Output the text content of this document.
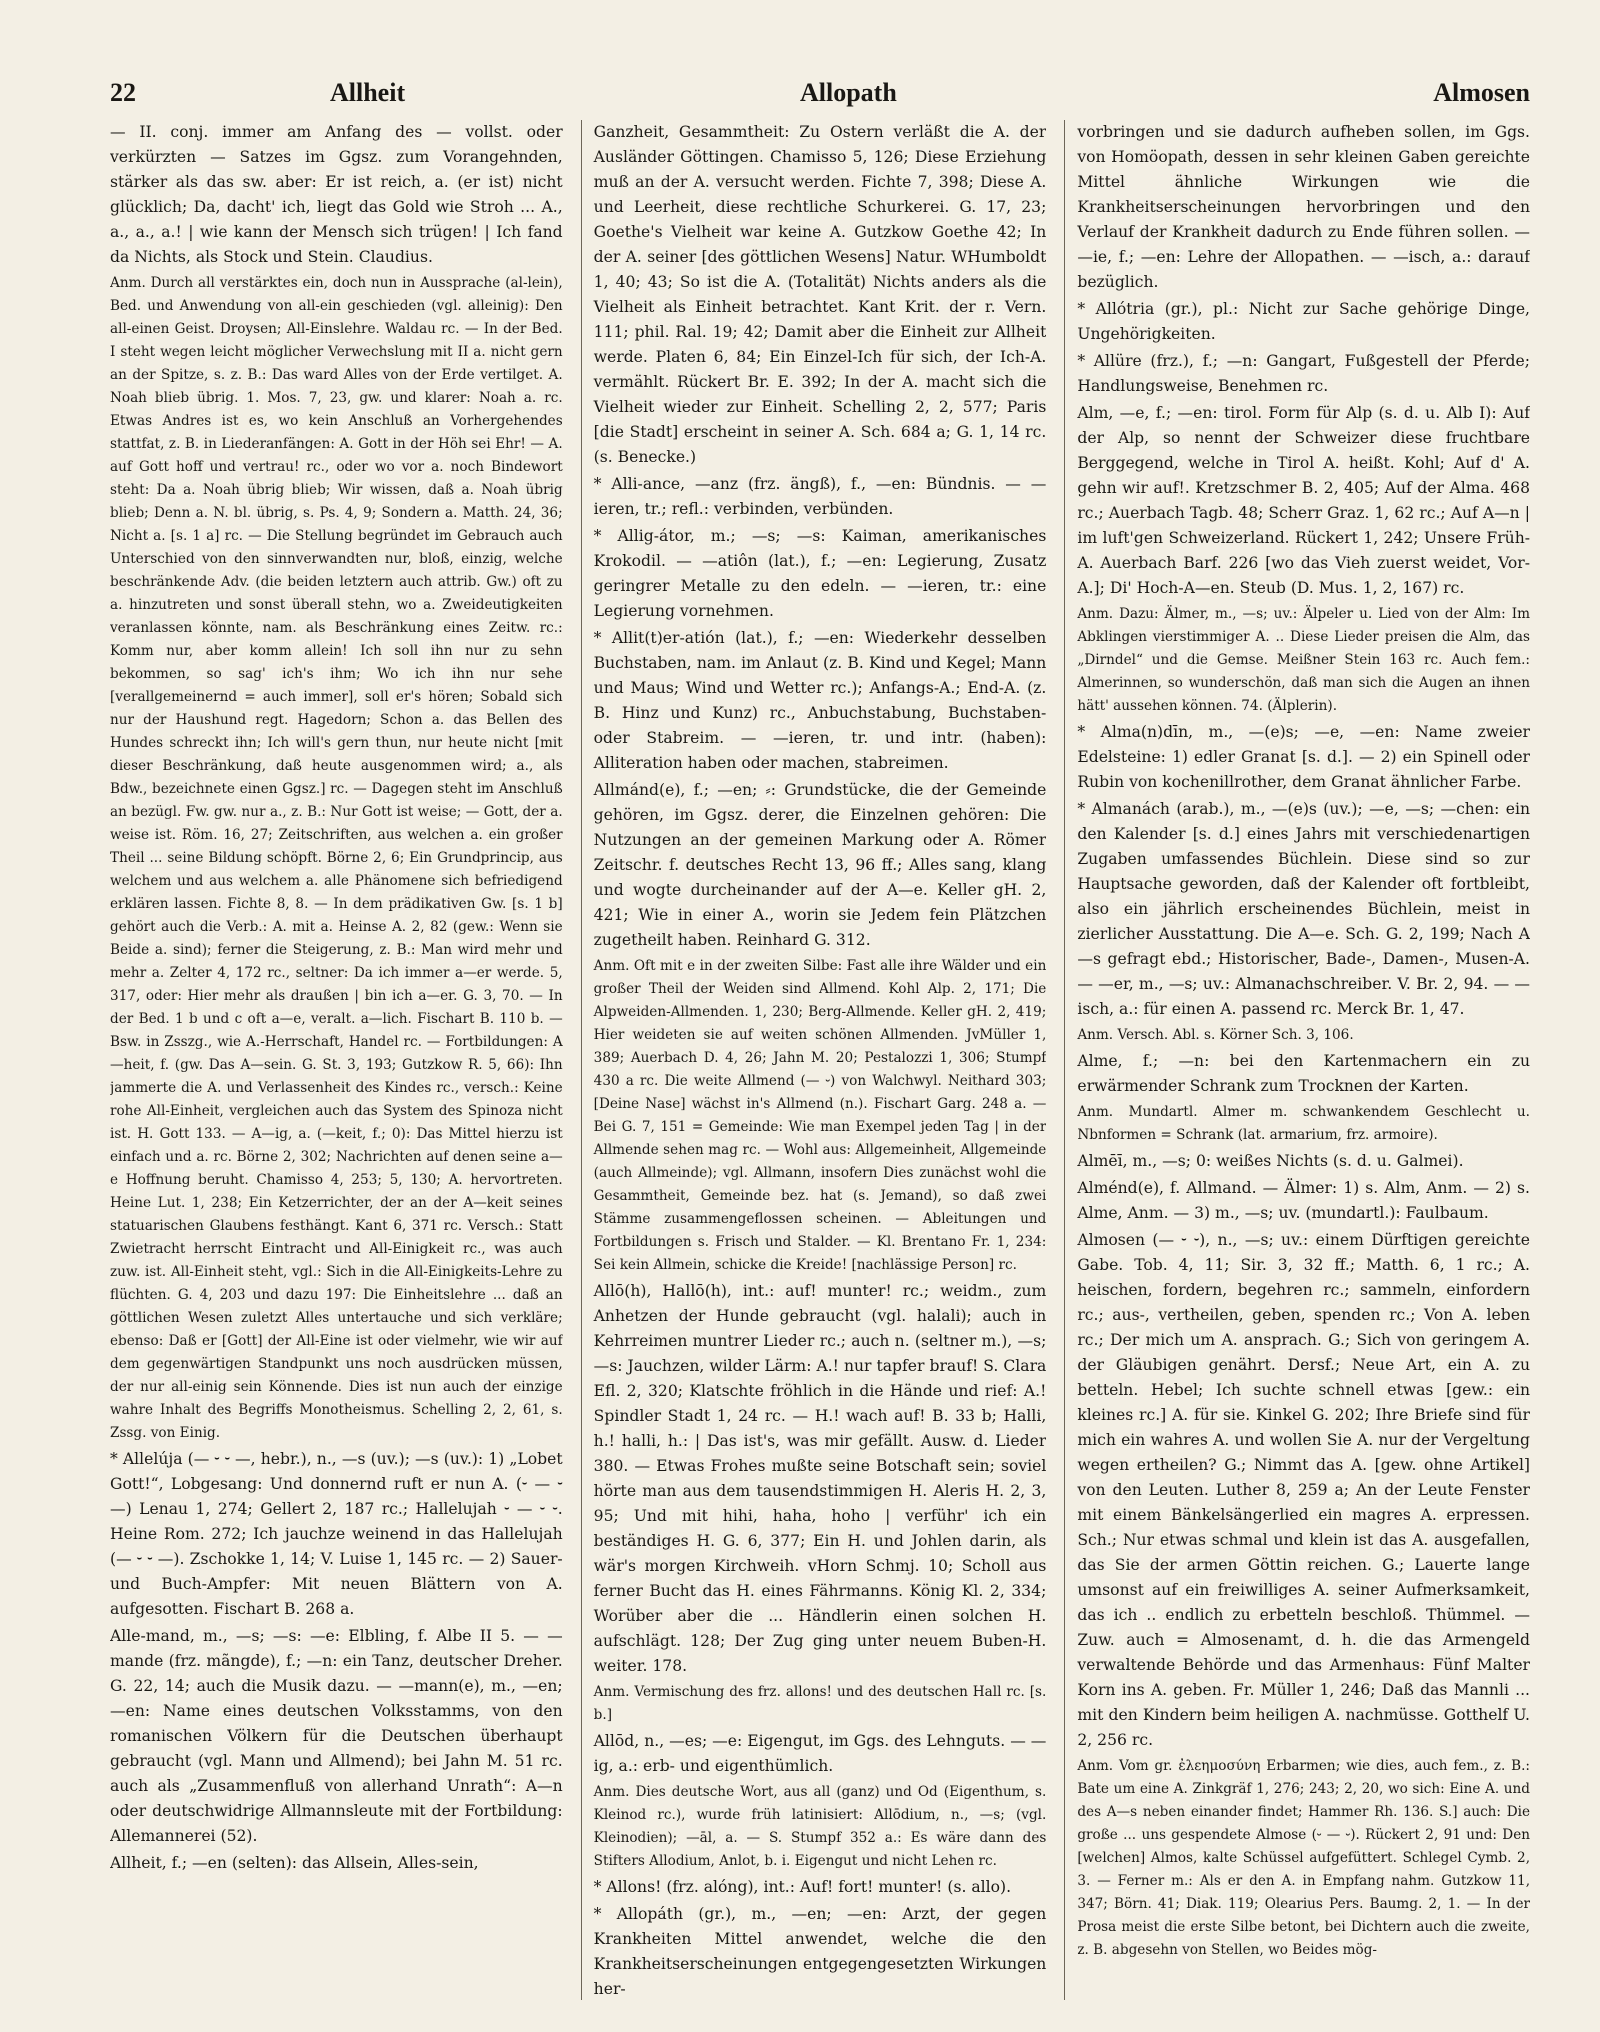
22	Allheit	Allopath	Almosen

— II. conj. immer am Anfang des — vollst. oder verkürzten — Satzes im Ggsz. zum Vorangehnden, stärker als das sw. aber: Er ist reich, a. (er ist) nicht glücklich; Da, dacht' ich, liegt das Gold wie Stroh ... A., a., a., a.! | wie kann der Mensch sich trügen! | Ich fand da Nichts, als Stock und Stein. Claudius.

Anm. Durch all verstärktes ein, doch nun in Aussprache (al-lein), Bed. und Anwendung von all-ein geschieden (vgl. alleinig): Den all-einen Geist. Droysen; All-Einslehre. Waldau rc. — In der Bed. I steht wegen leicht möglicher Verwechslung mit II a. nicht gern an der Spitze, s. z. B.: Das ward Alles von der Erde vertilget. A. Noah blieb übrig. 1. Mos. 7, 23, gw. und klarer: Noah a. rc. Etwas Andres ist es, wo kein Anschluß an Vorhergehendes stattfat, z. B. in Liederanfängen: A. Gott in der Höh sei Ehr! — A. auf Gott hoff und vertrau! rc., oder wo vor a. noch Bindewort steht: Da a. Noah übrig blieb; Wir wissen, daß a. Noah übrig blieb; Denn a. N. bl. übrig, s. Ps. 4, 9; Sondern a. Matth. 24, 36; Nicht a. [s. 1 a] rc. — Die Stellung begründet im Gebrauch auch Unterschied von den sinnverwandten nur, bloß, einzig, welche beschränkende Adv. (die beiden letztern auch attrib. Gw.) oft zu a. hinzutreten und sonst überall stehn, wo a. Zweideutigkeiten veranlassen könnte, nam. als Beschränkung eines Zeitw. rc.: Komm nur, aber komm allein! Ich soll ihn nur zu sehn bekommen, so sag' ich's ihm; Wo ich ihn nur sehe [verallgemeinernd = auch immer], soll er's hören; Sobald sich nur der Haushund regt. Hagedorn; Schon a. das Bellen des Hundes schreckt ihn; Ich will's gern thun, nur heute nicht [mit dieser Beschränkung, daß heute ausgenommen wird; a., als Bdw., bezeichnete einen Ggsz.] rc. — Dagegen steht im Anschluß an bezügl. Fw. gw. nur a., z. B.: Nur Gott ist weise; — Gott, der a. weise ist. Röm. 16, 27; Zeitschriften, aus welchen a. ein großer Theil ... seine Bildung schöpft. Börne 2, 6; Ein Grundprincip, aus welchem und aus welchem a. alle Phänomene sich befriedigend erklären lassen. Fichte 8, 8. — In dem prädikativen Gw. [s. 1 b] gehört auch die Verb.: A. mit a. Heinse A. 2, 82 (gew.: Wenn sie Beide a. sind); ferner die Steigerung, z. B.: Man wird mehr und mehr a. Zelter 4, 172 rc., seltner: Da ich immer a—er werde. 5, 317, oder: Hier mehr als draußen | bin ich a—er. G. 3, 70. — In der Bed. 1 b und c oft a—e, veralt. a—lich. Fischart B. 110 b. — Bsw. in Zsszg., wie A.-Herrschaft, Handel rc. — Fortbildungen: A—heit, f. (gw. Das A—sein. G. St. 3, 193; Gutzkow R. 5, 66): Ihn jammerte die A. und Verlassenheit des Kindes rc., versch.: Keine rohe All-Einheit, vergleichen auch das System des Spinoza nicht ist. H. Gott 133. — A—ig, a. (—keit, f.; 0): Das Mittel hierzu ist einfach und a. rc. Börne 2, 302; Nachrichten auf denen seine a—e Hoffnung beruht. Chamisso 4, 253; 5, 130; A. hervortreten. Heine Lut. 1, 238; Ein Ketzerrichter, der an der A—keit seines statuarischen Glaubens festhängt. Kant 6, 371 rc. Versch.: Statt Zwietracht herrscht Eintracht und All-Einigkeit rc., was auch zuw. ist. All-Einheit steht, vgl.: Sich in die All-Einigkeits-Lehre zu flüchten. G. 4, 203 und dazu 197: Die Einheitslehre ... daß an göttlichen Wesen zuletzt Alles untertauche und sich verkläre; ebenso: Daß er [Gott] der All-Eine ist oder vielmehr, wie wir auf dem gegenwärtigen Standpunkt uns noch ausdrücken müssen, der nur all-einig sein Könnende. Dies ist nun auch der einzige wahre Inhalt des Begriffs Monotheismus. Schelling 2, 2, 61, s. Zssg. von Einig.

* Allelúja (— ⏑ ⏑ —, hebr.), n., —s (uv.); —s (uv.): 1) „Lobet Gott!“, Lobgesang: Und donnernd ruft er nun A. (⏑ — ⏑ —) Lenau 1, 274; Gellert 2, 187 rc.; Hallelujah ⏑ — ⏑ ⏑. Heine Rom. 272; Ich jauchze weinend in das Hallelujah (— ⏑ ⏑ —). Zschokke 1, 14; V. Luise 1, 145 rc. — 2) Sauer- und Buch-Ampfer: Mit neuen Blättern von A. aufgesotten. Fischart B. 268 a.

Alle-mand, m., —s; —s: —e: Elbling, f. Albe II 5. — —mande (frz. mãngde), f.; —n: ein Tanz, deutscher Dreher. G. 22, 14; auch die Musik dazu. — —mann(e), m., —en; —en: Name eines deutschen Volksstamms, von den romanischen Völkern für die Deutschen überhaupt gebraucht (vgl. Mann und Allmend); bei Jahn M. 51 rc. auch als „Zusammenfluß von allerhand Unrath“: A—n oder deutschwidrige Allmannsleute mit der Fortbildung: Allemannerei (52).

Allheit, f.; —en (selten): das Allsein, Alles-sein,

Ganzheit, Gesammtheit: Zu Ostern verläßt die A. der Ausländer Göttingen. Chamisso 5, 126; Diese Erziehung muß an der A. versucht werden. Fichte 7, 398; Diese A. und Leerheit, diese rechtliche Schurkerei. G. 17, 23; Goethe's Vielheit war keine A. Gutzkow Goethe 42; In der A. seiner [des göttlichen Wesens] Natur. WHumboldt 1, 40; 43; So ist die A. (Totalität) Nichts anders als die Vielheit als Einheit betrachtet. Kant Krit. der r. Vern. 111; phil. Ral. 19; 42; Damit aber die Einheit zur Allheit werde. Platen 6, 84; Ein Einzel-Ich für sich, der Ich-A. vermählt. Rückert Br. E. 392; In der A. macht sich die Vielheit wieder zur Einheit. Schelling 2, 2, 577; Paris [die Stadt] erscheint in seiner A. Sch. 684 a; G. 1, 14 rc. (s. Benecke.)

* Alli-ance, —anz (frz. ängß), f., —en: Bündnis. — —ieren, tr.; refl.: verbinden, verbünden.

* Allig-átor, m.; —s; —s: Kaiman, amerikanisches Krokodil. — —atiôn (lat.), f.; —en: Legierung, Zusatz geringrer Metalle zu den edeln. — —ieren, tr.: eine Legierung vornehmen.

* Allit(t)er-atión (lat.), f.; —en: Wiederkehr desselben Buchstaben, nam. im Anlaut (z. B. Kind und Kegel; Mann und Maus; Wind und Wetter rc.); Anfangs-A.; End-A. (z. B. Hinz und Kunz) rc., Anbuchstabung, Buchstaben- oder Stabreim. — —ieren, tr. und intr. (haben): Alliteration haben oder machen, stabreimen.

Allmánd(e), f.; —en; ⸗: Grundstücke, die der Gemeinde gehören, im Ggsz. derer, die Einzelnen gehören: Die Nutzungen an der gemeinen Markung oder A. Römer Zeitschr. f. deutsches Recht 13, 96 ff.; Alles sang, klang und wogte durcheinander auf der A—e. Keller gH. 2, 421; Wie in einer A., worin sie Jedem fein Plätzchen zugetheilt haben. Reinhard G. 312.

Anm. Oft mit e in der zweiten Silbe: Fast alle ihre Wälder und ein großer Theil der Weiden sind Allmend. Kohl Alp. 2, 171; Die Alpweiden-Allmenden. 1, 230; Berg-Allmende. Keller gH. 2, 419; Hier weideten sie auf weiten schönen Allmenden. JvMüller 1, 389; Auerbach D. 4, 26; Jahn M. 20; Pestalozzi 1, 306; Stumpf 430 a rc. Die weite Allmend (— ⏑) von Walchwyl. Neithard 303; [Deine Nase] wächst in's Allmend (n.). Fischart Garg. 248 a. — Bei G. 7, 151 = Gemeinde: Wie man Exempel jeden Tag | in der Allmende sehen mag rc. — Wohl aus: Allgemeinheit, Allgemeinde (auch Allmeinde); vgl. Allmann, insofern Dies zunächst wohl die Gesammtheit, Gemeinde bez. hat (s. Jemand), so daß zwei Stämme zusammengeflossen scheinen. — Ableitungen und Fortbildungen s. Frisch und Stalder. — Kl. Brentano Fr. 1, 234: Sei kein Allmein, schicke die Kreide! [nachlässige Person] rc.

Allō(h), Hallō(h), int.: auf! munter! rc.; weidm., zum Anhetzen der Hunde gebraucht (vgl. halali); auch in Kehrreimen muntrer Lieder rc.; auch n. (seltner m.), —s; —s: Jauchzen, wilder Lärm: A.! nur tapfer brauf! S. Clara Efl. 2, 320; Klatschte fröhlich in die Hände und rief: A.! Spindler Stadt 1, 24 rc. — H.! wach auf! B. 33 b; Halli, h.! halli, h.: | Das ist's, was mir gefällt. Ausw. d. Lieder 380. — Etwas Frohes mußte seine Botschaft sein; soviel hörte man aus dem tausendstimmigen H. Aleris H. 2, 3, 95; Und mit hihi, haha, hoho | verführ' ich ein beständiges H. G. 6, 377; Ein H. und Johlen darin, als wär's morgen Kirchweih. vHorn Schmj. 10; Scholl aus ferner Bucht das H. eines Fährmanns. König Kl. 2, 334; Worüber aber die ... Händlerin einen solchen H. aufschlägt. 128; Der Zug ging unter neuem Buben-H. weiter. 178.

Anm. Vermischung des frz. allons! und des deutschen Hall rc. [s. b.]

Allōd, n., —es; —e: Eigengut, im Ggs. des Lehnguts. — —ig, a.: erb- und eigenthümlich.

Anm. Dies deutsche Wort, aus all (ganz) und Od (Eigenthum, s. Kleinod rc.), wurde früh latinisiert: Allōdium, n., —s; (vgl. Kleinodien); —āl, a. — S. Stumpf 352 a.: Es wäre dann des Stifters Allodium, Anlot, b. i. Eigengut und nicht Lehen rc.

* Allons! (frz. alóng), int.: Auf! fort! munter! (s. allo).

* Allopáth (gr.), m., —en; —en: Arzt, der gegen Krankheiten Mittel anwendet, welche die den Krankheitserscheinungen entgegengesetzten Wirkungen her-

vorbringen und sie dadurch aufheben sollen, im Ggs. von Homöopath, dessen in sehr kleinen Gaben gereichte Mittel ähnliche Wirkungen wie die Krankheitserscheinungen hervorbringen und den Verlauf der Krankheit dadurch zu Ende führen sollen. — —ie, f.; —en: Lehre der Allopathen. — —isch, a.: darauf bezüglich.

* Allótria (gr.), pl.: Nicht zur Sache gehörige Dinge, Ungehörigkeiten.

* Allüre (frz.), f.; —n: Gangart, Fußgestell der Pferde; Handlungsweise, Benehmen rc.

Alm, —e, f.; —en: tirol. Form für Alp (s. d. u. Alb I): Auf der Alp, so nennt der Schweizer diese fruchtbare Berggegend, welche in Tirol A. heißt. Kohl; Auf d' A. gehn wir auf!. Kretzschmer B. 2, 405; Auf der Alma. 468 rc.; Auerbach Tagb. 48; Scherr Graz. 1, 62 rc.; Auf A—n | im luft'gen Schweizerland. Rückert 1, 242; Unsere Früh-A. Auerbach Barf. 226 [wo das Vieh zuerst weidet, Vor-A.]; Di' Hoch-A—en. Steub (D. Mus. 1, 2, 167) rc.

Anm. Dazu: Älmer, m., —s; uv.: Älpeler u. Lied von der Alm: Im Abklingen vierstimmiger A. .. Diese Lieder preisen die Alm, das „Dirndel“ und die Gemse. Meißner Stein 163 rc. Auch fem.: Almerinnen, so wunderschön, daß man sich die Augen an ihnen hätt' aussehen können. 74. (Älplerin).

* Alma(n)dīn, m., —(e)s; —e, —en: Name zweier Edelsteine: 1) edler Granat [s. d.]. — 2) ein Spinell oder Rubin von kochenillrother, dem Granat ähnlicher Farbe.

* Almanách (arab.), m., —(e)s (uv.); —e, —s; —chen: ein den Kalender [s. d.] eines Jahrs mit verschiedenartigen Zugaben umfassendes Büchlein. Diese sind so zur Hauptsache geworden, daß der Kalender oft fortbleibt, also ein jährlich erscheinendes Büchlein, meist in zierlicher Ausstattung. Die A—e. Sch. G. 2, 199; Nach A—s gefragt ebd.; Historischer, Bade-, Damen-, Musen-A. — —er, m., —s; uv.: Almanachschreiber. V. Br. 2, 94. — —isch, a.: für einen A. passend rc. Merck Br. 1, 47.

Anm. Versch. Abl. s. Körner Sch. 3, 106.

Alme, f.; —n: bei den Kartenmachern ein zu erwärmender Schrank zum Trocknen der Karten.

Anm. Mundartl. Almer m. schwankendem Geschlecht u. Nbnformen = Schrank (lat. armarium, frz. armoire).

Almēī, m., —s; 0: weißes Nichts (s. d. u. Galmei).

Alménd(e), f. Allmand. — Älmer: 1) s. Alm, Anm. — 2) s. Alme, Anm. — 3) m., —s; uv. (mundartl.): Faulbaum.

Almosen (— ⏑ ⏑), n., —s; uv.: einem Dürftigen gereichte Gabe. Tob. 4, 11; Sir. 3, 32 ff.; Matth. 6, 1 rc.; A. heischen, fordern, begehren rc.; sammeln, einfordern rc.; aus-, vertheilen, geben, spenden rc.; Von A. leben rc.; Der mich um A. ansprach. G.; Sich von geringem A. der Gläubigen genährt. Dersf.; Neue Art, ein A. zu betteln. Hebel; Ich suchte schnell etwas [gew.: ein kleines rc.] A. für sie. Kinkel G. 202; Ihre Briefe sind für mich ein wahres A. und wollen Sie A. nur der Vergeltung wegen ertheilen? G.; Nimmt das A. [gew. ohne Artikel] von den Leuten. Luther 8, 259 a; An der Leute Fenster mit einem Bänkelsängerlied ein magres A. erpressen. Sch.; Nur etwas schmal und klein ist das A. ausgefallen, das Sie der armen Göttin reichen. G.; Lauerte lange umsonst auf ein freiwilliges A. seiner Aufmerksamkeit, das ich .. endlich zu erbetteln beschloß. Thümmel. — Zuw. auch = Almosenamt, d. h. die das Armengeld verwaltende Behörde und das Armenhaus: Fünf Malter Korn ins A. geben. Fr. Müller 1, 246; Daß das Mannli ... mit den Kindern beim heiligen A. nachmüsse. Gotthelf U. 2, 256 rc.

Anm. Vom gr. ἐλεημοσύνη Erbarmen; wie dies, auch fem., z. B.: Bate um eine A. Zinkgräf 1, 276; 243; 2, 20, wo sich: Eine A. und des A—s neben einander findet; Hammer Rh. 136. S.] auch: Die große ... uns gespendete Almose (⏑ — ⏑). Rückert 2, 91 und: Den [welchen] Almos, kalte Schüssel aufgefüttert. Schlegel Cymb. 2, 3. — Ferner m.: Als er den A. in Empfang nahm. Gutzkow 11, 347; Börn. 41; Diak. 119; Olearius Pers. Baumg. 2, 1. — In der Prosa meist die erste Silbe betont, bei Dichtern auch die zweite, z. B. abgesehn von Stellen, wo Beides mög-
